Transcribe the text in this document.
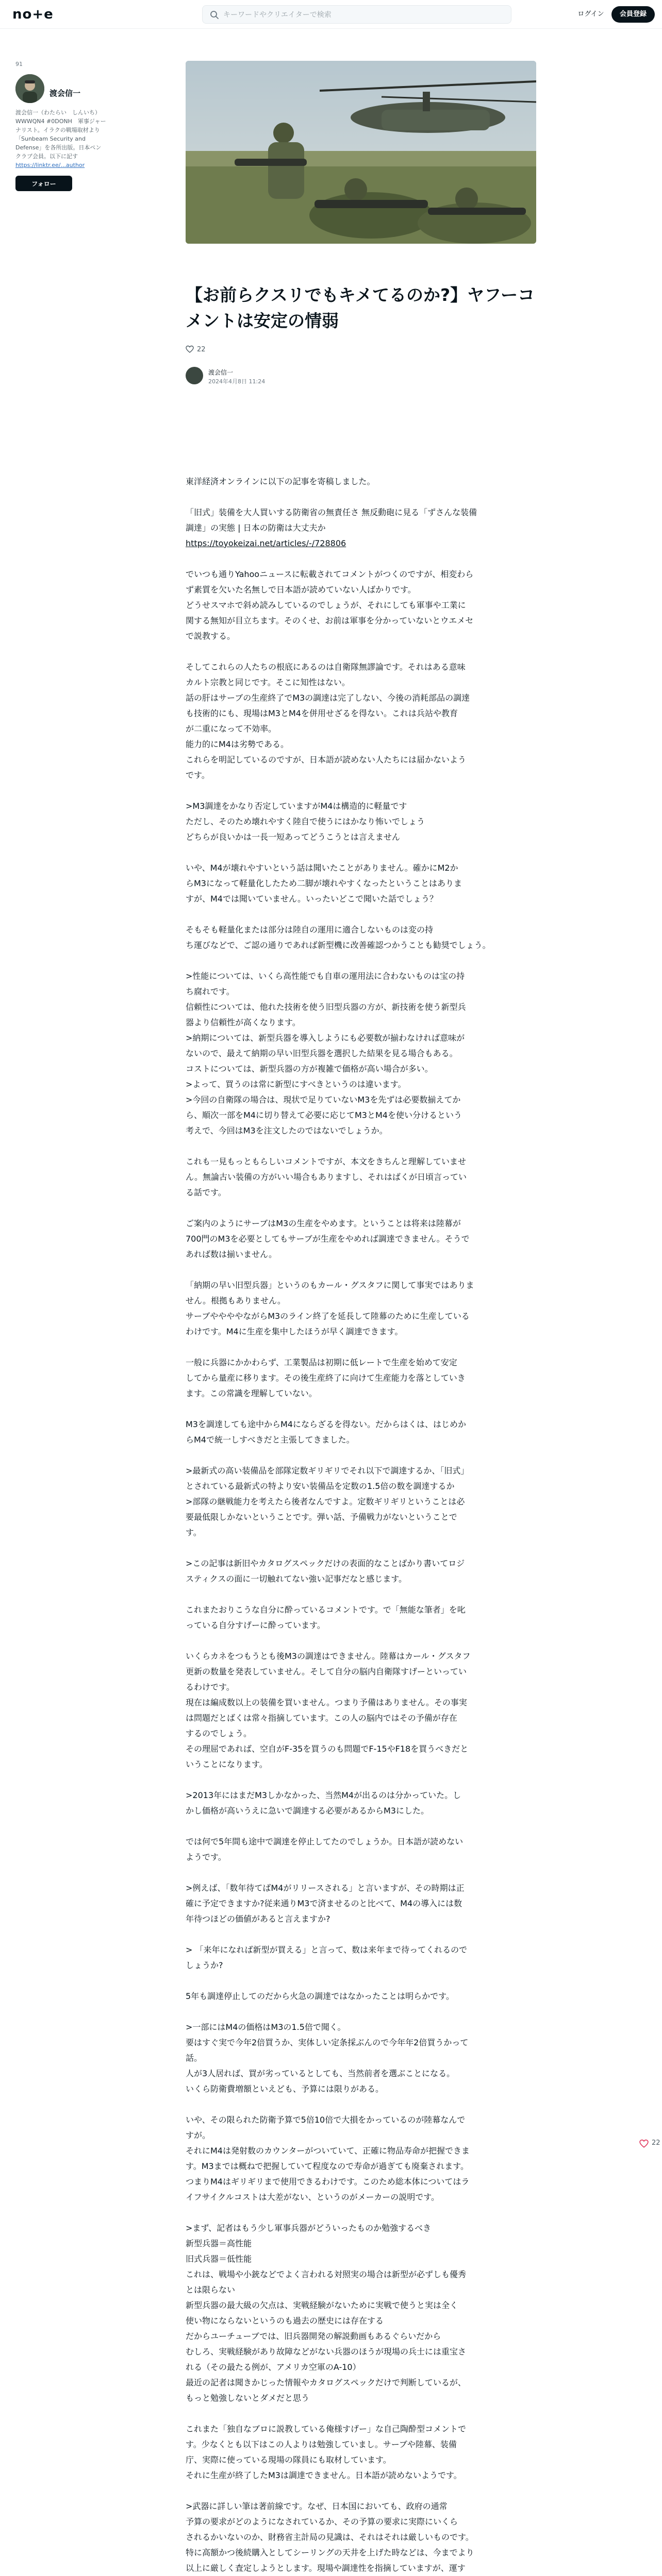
no+e
キーワードやクリエイターで検索	ログイン	会員登録
91
渡会信一
渡会信一（わたらい　しんいち）
WWWQN4 #0DONH　軍事ジャー
ナリスト。イラクの戦場取材より
「Sunbeam Security and
Defense」を各所出版。日本ペン
クラブ会員。以下に記す
https://linktr.ee/...author
フォロー
【お前らクスリでもキメてるのか?】ヤフーコ
メントは安定の情弱
22
渡会信一
2024年4月8日 11:24
東洋経済オンラインに以下の記事を寄稿しました。
「旧式」装備を大人買いする防衛省の無責任さ 無反動砲に見る「ずさんな装備
調達」の実態 | 日本の防衛は大丈夫か
https://toyokeizai.net/articles/-/728806
でいつも通りYahooニュースに転載されてコメントがつくのですが、相変わら
ず素質を欠いた名無しで日本語が読めていない人ばかりです。
どうせスマホで斜め読みしているのでしょうが、それにしても軍事や工業に
関する無知が目立ちます。そのくせ、お前は軍事を分かっていないとウエメセ
で説教する。
そしてこれらの人たちの根底にあるのは自衛隊無謬論です。それはある意味
カルト宗教と同じです。そこに知性はない。
話の肝はサーブの生産終了でM3の調達は完了しない、今後の消耗部品の調達
も技術的にも、現場はM3とM4を併用せざるを得ない。これは兵站や教育
が二重になって不効率。
能力的にM4は劣勢である。
これらを明記しているのですが、日本語が読めない人たちには届かないよう
です。
>M3調達をかなり否定していますがM4は構造的に軽量です
ただし、そのため壊れやすく陸自で使うにはかなり怖いでしょう
どちらが良いかは一長一短あってどうこうとは言えません
いや、M4が壊れやすいという話は聞いたことがありません。確かにM2か
らM3になって軽量化したため二脚が壊れやすくなったということはありま
すが、M4では聞いていません。いったいどこで聞いた話でしょう？
そもそも軽量化または部分は陸自の運用に適合しないものは変の持
ち運びなどで、ご認の通りであれば新型機に改善確認つかうことも勧奨でしょう。
>性能については、いくら高性能でも自車の運用法に合わないものは宝の持
ち腐れです。
信頼性については、他れた技術を使う旧型兵器の方が、新技術を使う新型兵
器より信頼性が高くなります。
>納期については、新型兵器を導入しようにも必要数が揃わなければ意味が
ないので、最えて納期の早い旧型兵器を選択した結果を見る場合もある。
コストについては、新型兵器の方が複雑で価格が高い場合が多い。
>よって、買うのは常に新型にすべきというのは違います。
>今回の自衛隊の場合は、現状で足りていないM3を先ずは必要数揃えてか
ら、順次一部をM4に切り替えて必要に応じてM3とM4を使い分けるという
考えで、今回はM3を注文したのではないでしょうか。
これも一見もっともらしいコメントですが、本文をきちんと理解していませ
ん。無論古い装備の方がいい場合もありますし、それはばくが日頃言ってい
る話です。
ご案内のようにサーブはM3の生産をやめます。ということは将来は陸幕が
700門のM3を必要としてもサーブが生産をやめれば調達できません。そうで
あれば数は揃いません。
「納期の早い旧型兵器」というのもカール・グスタフに関して事実ではありま
せん。根拠もありません。
サーブややややながらM3のライン終了を延長して陸幕のために生産している
わけです。M4に生産を集中したほうが早く調達できます。
一般に兵器にかかわらず、工業製品は初期に低レートで生産を始めて安定
してから量産に移ります。その後生産終了に向けて生産能力を落としていき
ます。この常識を理解していない。
M3を調達しても途中からM4にならざるを得ない。だからはくは、はじめか
らM4で統一しすべきだと主張してきました。
>最新式の高い装備品を部隊定数ギリギリでそれ以下で調達するか、「旧式」
とされている最新式の特より安い装備品を定数の1.5倍の数を調達するか
>部隊の継戦能力を考えたら後者なんですよ。定数ギリギリということは必
要最低限しかないということです。弾い話、予備戦力がないということで
す。
>この記事は新旧やカタログスペックだけの表面的なことばかり書いてロジ
スティクスの面に一切触れてない強い記事だなと感じます。
これまたおりこうな自分に酔っているコメントです。で「無能な筆者」を叱
っている自分すげーに酔っています。
いくらカネをつもうとも後M3の調達はできません。陸幕はカール・グスタフ
更新の数量を発表していません。そして自分の脳内自衛隊すげーといってい
るわけです。
現在は編成数以上の装備を買いません。つまり予備はありません。その事実
は問題だとばくは常々指摘しています。この人の脳内ではその予備が存在
するのでしょう。
その理屈であれば、空自がF-35を買うのも問題でF-15やF18を買うべきだと
いうことになります。
>2013年にはまだM3しかなかった、当然M4が出るのは分かっていた。し
かし価格が高いうえに急いで調達する必要があるからM3にした。
では何で5年間も途中で調達を停止してたのでしょうか。日本語が読めない
ようです。
>例えば、「数年待てばM4がリリースされる」と言いますが、その時期は正
確に予定できますか?従来通りM3で済ませるのと比べて、M4の導入には数
年待つほどの価値があると言えますか?
> 「来年になれば新型が買える」と言って、数は来年まで待ってくれるので
しょうか?
5年も調達停止してのだから火急の調達ではなかったことは明らかです。
>一部にはM4の価格はM3の1.5倍で聞く。
要はすぐ実で今年2倍買うか、実体しい定条採ぶんので今年年2倍買うかって
話。
人が3人居れば、買が劣っているとしても、当然前者を選ぶことになる。
いくら防衛費増額といえども、予算には限りがある。
いや、その限られた防衛予算で5倍10倍で大損をかっているのが陸幕なんで
すが。
それにM4は発射数のカウンターがついていて、正確に物品寿命が把握できま
す。M3までは概ねで把握していて程度なので寿命が過ぎても廃棄されます。
つまりM4はギリギリまで使用できるわけです。このため総本体についてはラ
イフサイクルコストは大差がない、というのがメーカーの説明です。
>まず、記者はもう少し軍事兵器がどういったものか勉強するべき
新型兵器＝高性能
旧式兵器＝低性能
これは、戦場や小銃などでよく言われる対照実の場合は新型が必ずしも優秀
とは限らない
新型兵器の最大級の欠点は、実戦経験がないために実戦で使うと実は全く
使い物にならないというのも過去の歴史には存在する
だからユーチューブでは、旧兵器開発の解説動画もあるぐらいだから
むしろ、実戦経験があり故障などがない兵器のほうが現場の兵士には重宝さ
れる（その最たる例が、アメリカ空軍のA-10）
最近の記者は聞きかじった情報やカタログスペックだけで判断しているが、
もっと勉強しないとダメだと思う
これまた「独自なブロに説教している俺様すげー」な自己陶酔型コメントで
す。少なくとも以下はこの人よりは勉強していまし。サーブや陸幕、装備
庁、実際に使っている現場の隊員にも取材しています。
それに生産が終了したM3は調達できません。日本語が読めないようです。
>武器に詳しい筆は著前線です。なぜ、日本国においても、政府の通常
予算の要求がどのようになされているか、その予算の要求に実際にいくら
されるかいないのか、財務省主計局の見識は、それはそれは厳しいものです。
特に高額かつ後続購入としてシーリングの天井を上げた時などは、今までより
以上に厳しく査定しようとします。現場や調達性を指摘していますが、運す
22
